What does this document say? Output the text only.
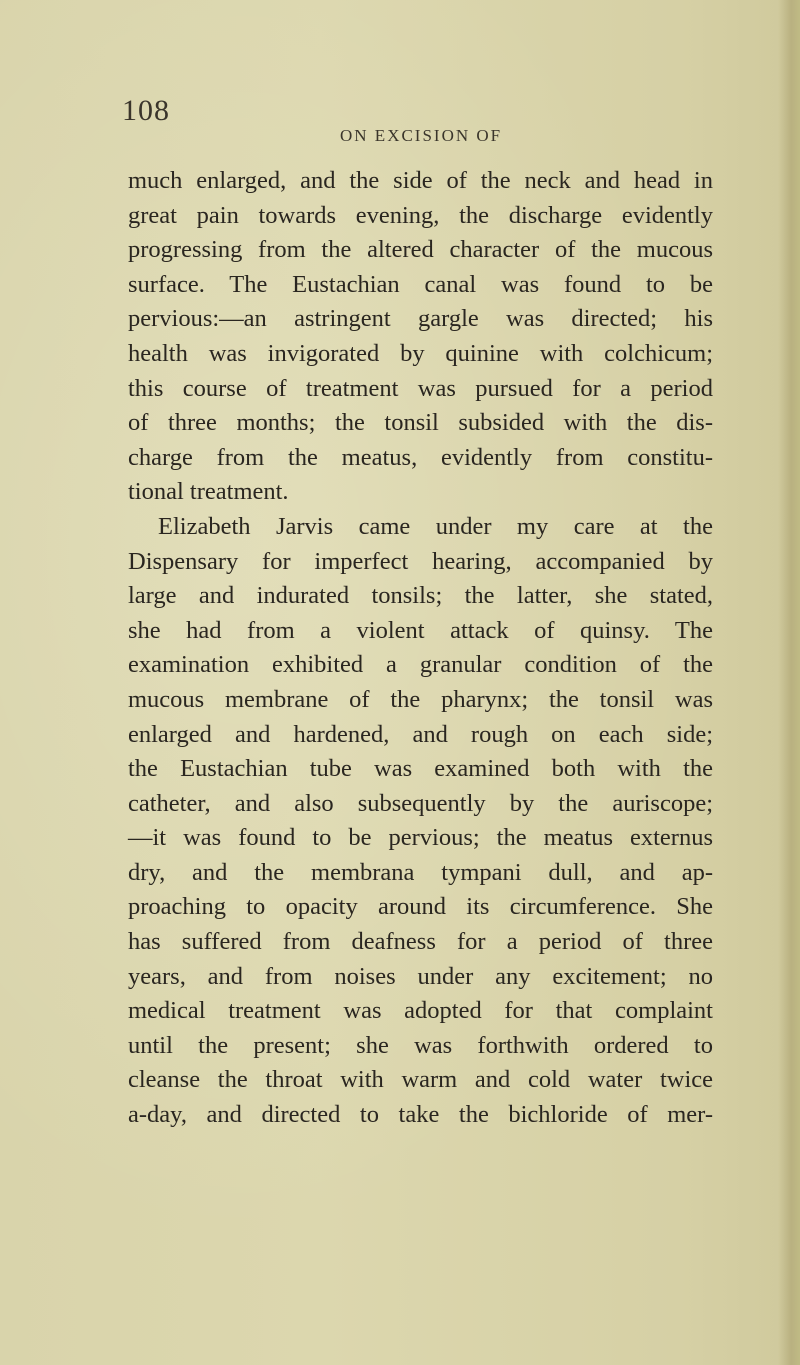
108
ON EXCISION OF
much enlarged, and the side of the neck and head in
great pain towards evening, the discharge evidently
progressing from the altered character of the mucous
surface. The Eustachian canal was found to be
pervious:—an astringent gargle was directed; his
health was invigorated by quinine with colchicum;
this course of treatment was pursued for a period
of three months; the tonsil subsided with the dis-
charge from the meatus, evidently from constitu-
tional treatment.
Elizabeth Jarvis came under my care at the
Dispensary for imperfect hearing, accompanied by
large and indurated tonsils; the latter, she stated,
she had from a violent attack of quinsy. The
examination exhibited a granular condition of the
mucous membrane of the pharynx; the tonsil was
enlarged and hardened, and rough on each side;
the Eustachian tube was examined both with the
catheter, and also subsequently by the auriscope;
—it was found to be pervious; the meatus externus
dry, and the membrana tympani dull, and ap-
proaching to opacity around its circumference. She
has suffered from deafness for a period of three
years, and from noises under any excitement; no
medical treatment was adopted for that complaint
until the present; she was forthwith ordered to
cleanse the throat with warm and cold water twice
a-day, and directed to take the bichloride of mer-
